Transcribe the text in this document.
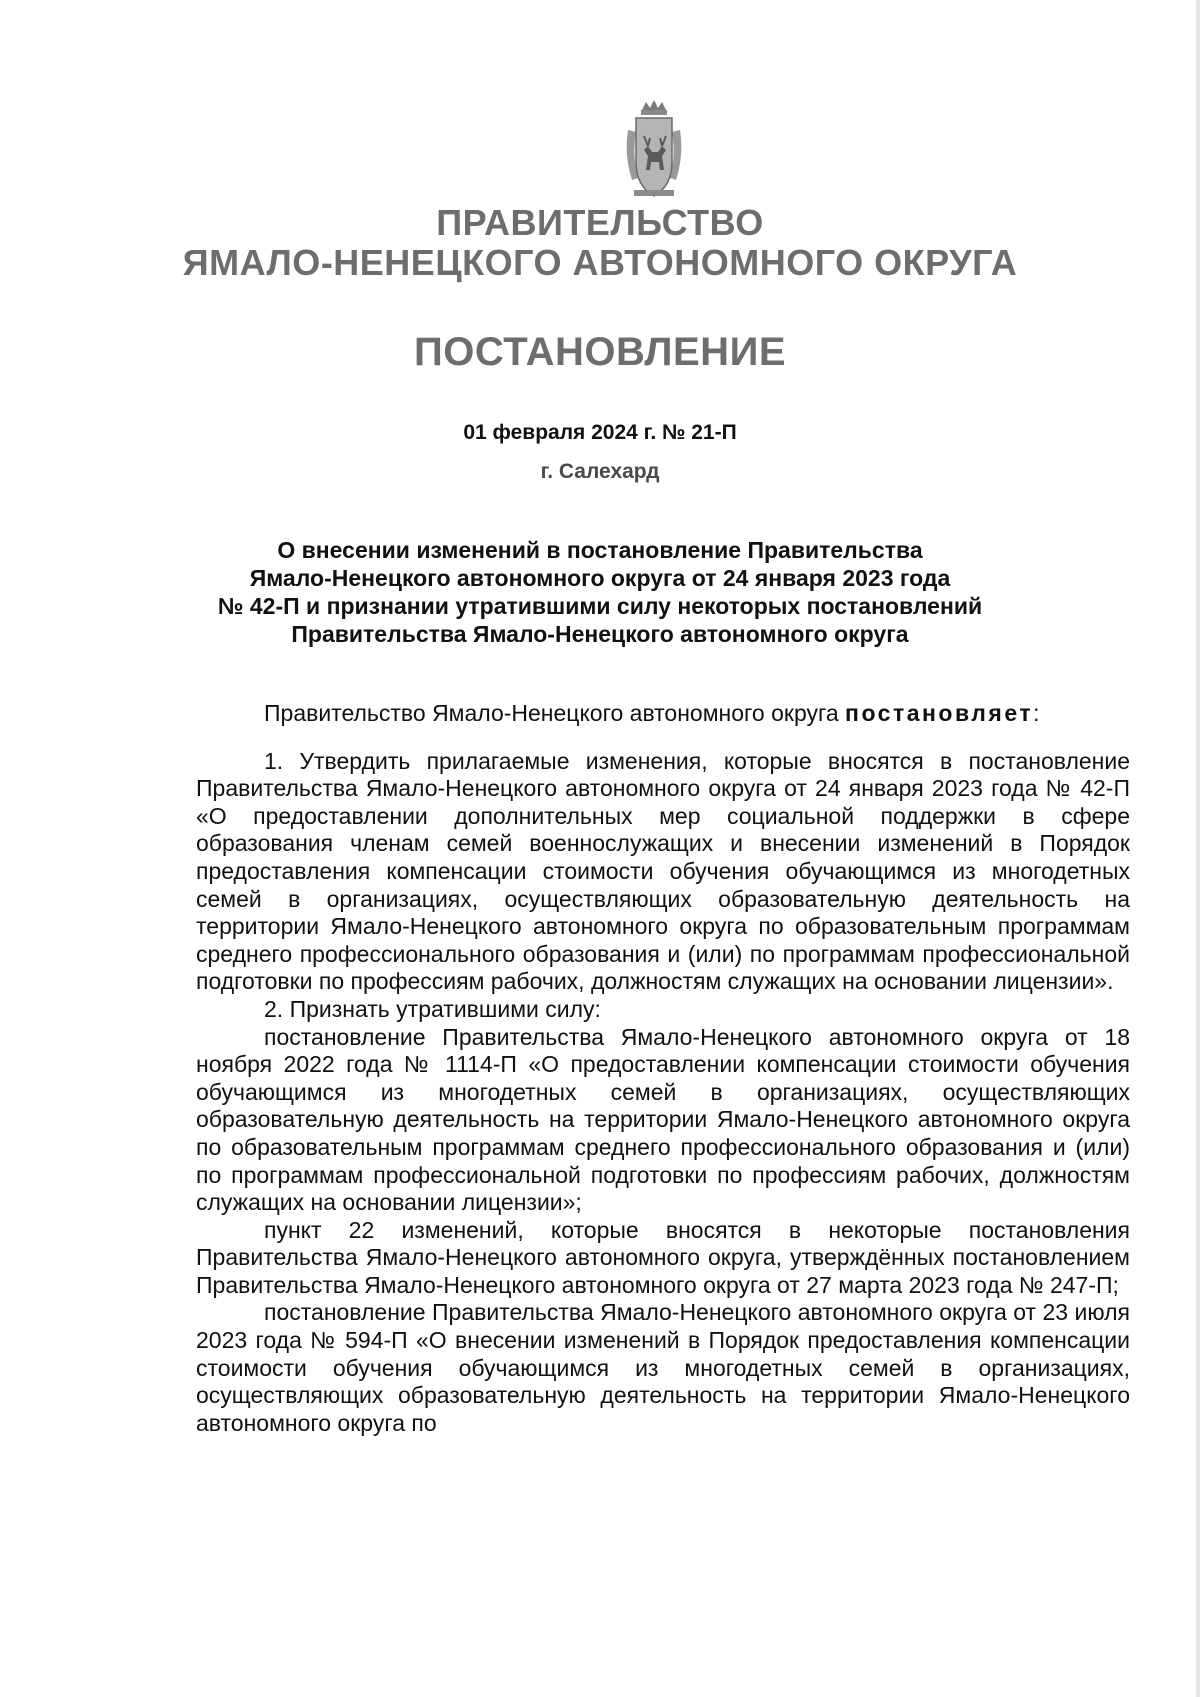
ПРАВИТЕЛЬСТВО
ЯМАЛО-НЕНЕЦКОГО АВТОНОМНОГО ОКРУГА
ПОСТАНОВЛЕНИЕ
01 февраля 2024 г. № 21-П
г. Салехард
О внесении изменений в постановление Правительства
Ямало-Ненецкого автономного округа от 24 января 2023 года
№ 42-П и признании утратившими силу некоторых постановлений
Правительства Ямало-Ненецкого автономного округа

Правительство Ямало-Ненецкого автономного округа постановляет:

1. Утвердить прилагаемые изменения, которые вносятся в постановление Правительства Ямало-Ненецкого автономного округа от 24 января 2023 года № 42-П «О предоставлении дополнительных мер социальной поддержки в сфере образования членам семей военнослужащих и внесении изменений в Порядок предоставления компенсации стоимости обучения обучающимся из многодетных семей в организациях, осуществляющих образовательную деятельность на территории Ямало-Ненецкого автономного округа по образовательным программам среднего профессионального образования и (или) по программам профессиональной подготовки по профессиям рабочих, должностям служащих на основании лицензии».

2. Признать утратившими силу:

постановление Правительства Ямало-Ненецкого автономного округа от 18 ноября 2022 года № 1114-П «О предоставлении компенсации стоимости обучения обучающимся из многодетных семей в организациях, осуществляющих образовательную деятельность на территории Ямало-Ненецкого автономного округа по образовательным программам среднего профессионального образования и (или) по программам профессиональной подготовки по профессиям рабочих, должностям служащих на основании лицензии»;

пункт 22 изменений, которые вносятся в некоторые постановления Правительства Ямало-Ненецкого автономного округа, утверждённых постановлением Правительства Ямало-Ненецкого автономного округа от 27 марта 2023 года № 247-П;

постановление Правительства Ямало-Ненецкого автономного округа от 23 июля 2023 года № 594-П «О внесении изменений в Порядок предоставления компенсации стоимости обучения обучающимся из многодетных семей в организациях, осуществляющих образовательную деятельность на территории Ямало-Ненецкого автономного округа по
